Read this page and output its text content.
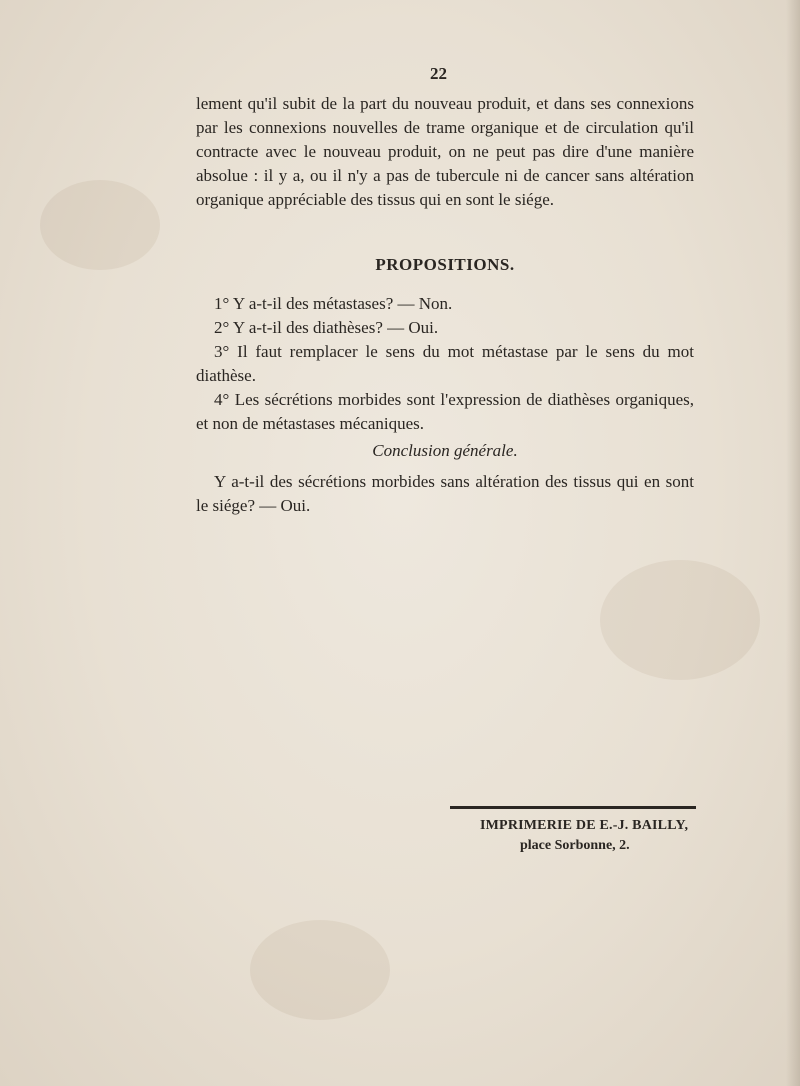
22
lement qu'il subit de la part du nouveau produit, et dans ses connexions par les connexions nouvelles de trame organique et de circulation qu'il contracte avec le nouveau produit, on ne peut pas dire d'une manière absolue : il y a, ou il n'y a pas de tubercule ni de cancer sans altération organique appréciable des tissus qui en sont le siége.
PROPOSITIONS.

1° Y a-t-il des métastases? — Non.

2° Y a-t-il des diathèses? — Oui.

3° Il faut remplacer le sens du mot métastase par le sens du mot diathèse.

4° Les sécrétions morbides sont l'expression de diathèses organiques, et non de métastases mécaniques.

Conclusion générale.
Y a-t-il des sécrétions morbides sans altération des tissus qui en sont le siége? — Oui.
IMPRIMERIE DE E.-J. BAILLY,
place Sorbonne, 2.
